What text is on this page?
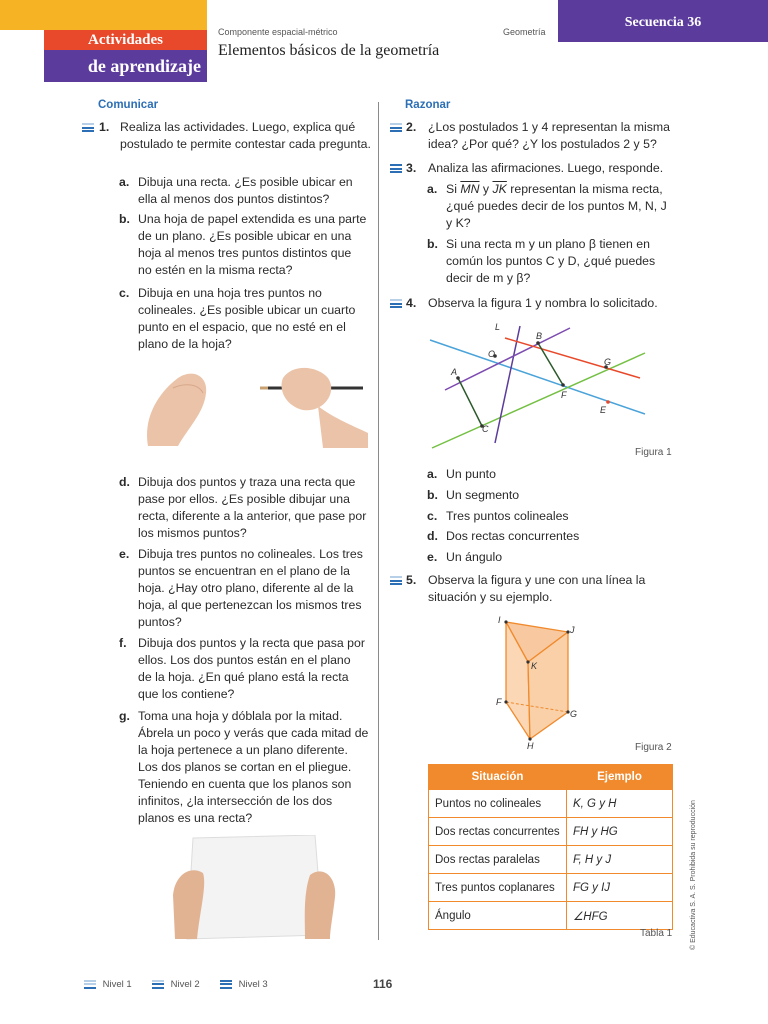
Actividades
de aprendizaje
Componente espacial-métrico	Geometría
Elementos básicos de la geometría
Secuencia 36
Comunicar
1. Realiza las actividades. Luego, explica qué postulado te permite contestar cada pregunta.
a. Dibuja una recta. ¿Es posible ubicar en ella al menos dos puntos distintos?
b. Una hoja de papel extendida es una parte de un plano. ¿Es posible ubicar en una hoja al menos tres puntos distintos que no estén en la misma recta?
c. Dibuja en una hoja tres puntos no colineales. ¿Es posible ubicar un cuarto punto en el espacio, que no esté en el plano de la hoja?
d. Dibuja dos puntos y traza una recta que pase por ellos. ¿Es posible dibujar una recta, diferente a la anterior, que pase por los mismos puntos?
e. Dibuja tres puntos no colineales. Los tres puntos se encuentran en el plano de la hoja. ¿Hay otro plano, diferente al de la hoja, al que pertenezcan los mismos tres puntos?
f. Dibuja dos puntos y la recta que pasa por ellos. Los dos puntos están en el plano de la hoja. ¿En qué plano está la recta que los contiene?
g. Toma una hoja y dóblala por la mitad. Ábrela un poco y verás que cada mitad de la hoja pertenece a un plano diferente. Los dos planos se cortan en el pliegue. Teniendo en cuenta que los planos son infinitos, ¿la intersección de los dos planos es una recta?
Razonar
2. ¿Los postulados 1 y 4 representan la misma idea? ¿Por qué? ¿Y los postulados 2 y 5?
3. Analiza las afirmaciones. Luego, responde.
a. Si $\overline{MN}$ y $\overline{JK}$ representan la misma recta, ¿qué puedes decir de los puntos M, N, J y K?
b. Si una recta m y un plano β tienen en común los puntos C y D, ¿qué puedes decir de m y β?
4. Observa la figura 1 y nombra lo solicitado.
L
B
O
G
A
F
E
C
Figura 1
a. Un punto
b. Un segmento
c. Tres puntos colineales
d. Dos rectas concurrentes
e. Un ángulo
5. Observa la figura y une con una línea la situación y su ejemplo.
I
J
K
F
G
H	Figura 2
Situación	Ejemplo
Puntos no colineales	K, G y H
Dos rectas concurrentes	FH y HG
Dos rectas paralelas	F, H y J
Tres puntos coplanares	FG y IJ
Ángulo	∠HFG
Tabla 1	© Educactiva S. A. S. Prohibida su reproducción
Nivel 1	Nivel 2	Nivel 3	116
